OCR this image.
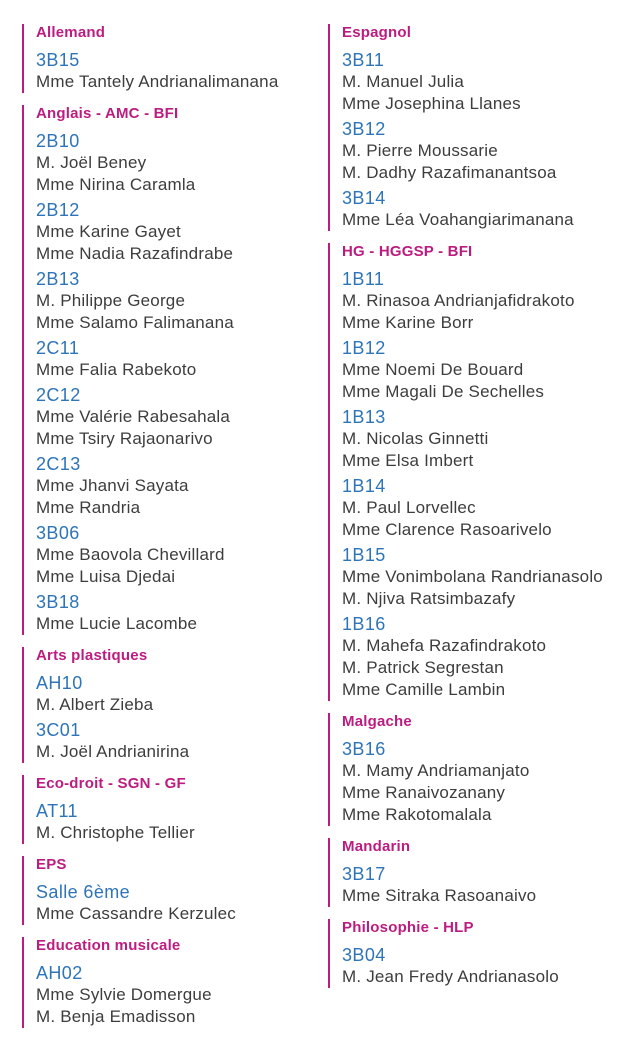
Allemand
3B15
Mme Tantely Andrianalimanana
Anglais - AMC - BFI
2B10
M. Joël Beney
Mme Nirina Caramla
2B12
Mme Karine Gayet
Mme Nadia Razafindrabe
2B13
M. Philippe George
Mme Salamo Falimanana
2C11
Mme Falia Rabekoto
2C12
Mme Valérie Rabesahala
Mme Tsiry Rajaonarivo
2C13
Mme Jhanvi Sayata
Mme Randria
3B06
Mme Baovola Chevillard
Mme Luisa Djedai
3B18
Mme Lucie Lacombe
Arts plastiques
AH10
M. Albert Zieba
3C01
M. Joël Andrianirina
Eco-droit - SGN - GF
AT11
M. Christophe Tellier
EPS
Salle 6ème
Mme Cassandre Kerzulec
Education musicale
AH02
Mme Sylvie Domergue
M. Benja Emadisson
Espagnol
3B11
M. Manuel Julia
Mme Josephina Llanes
3B12
M. Pierre Moussarie
M. Dadhy Razafimanantsoa
3B14
Mme Léa Voahangiarimanana
HG - HGGSP - BFI
1B11
M. Rinasoa Andrianjafidrakoto
Mme Karine Borr
1B12
Mme Noemi De Bouard
Mme Magali De Sechelles
1B13
M. Nicolas Ginnetti
Mme Elsa Imbert
1B14
M. Paul Lorvellec
Mme Clarence Rasoarivelo
1B15
Mme Vonimbolana Randrianasolo
M. Njiva Ratsimbazafy
1B16
M. Mahefa Razafindrakoto
M. Patrick Segrestan
Mme Camille Lambin
Malgache
3B16
M. Mamy Andriamanjato
Mme Ranaivozanany
Mme Rakotomalala
Mandarin
3B17
Mme Sitraka Rasoanaivo
Philosophie - HLP
3B04
M. Jean Fredy Andrianasolo
